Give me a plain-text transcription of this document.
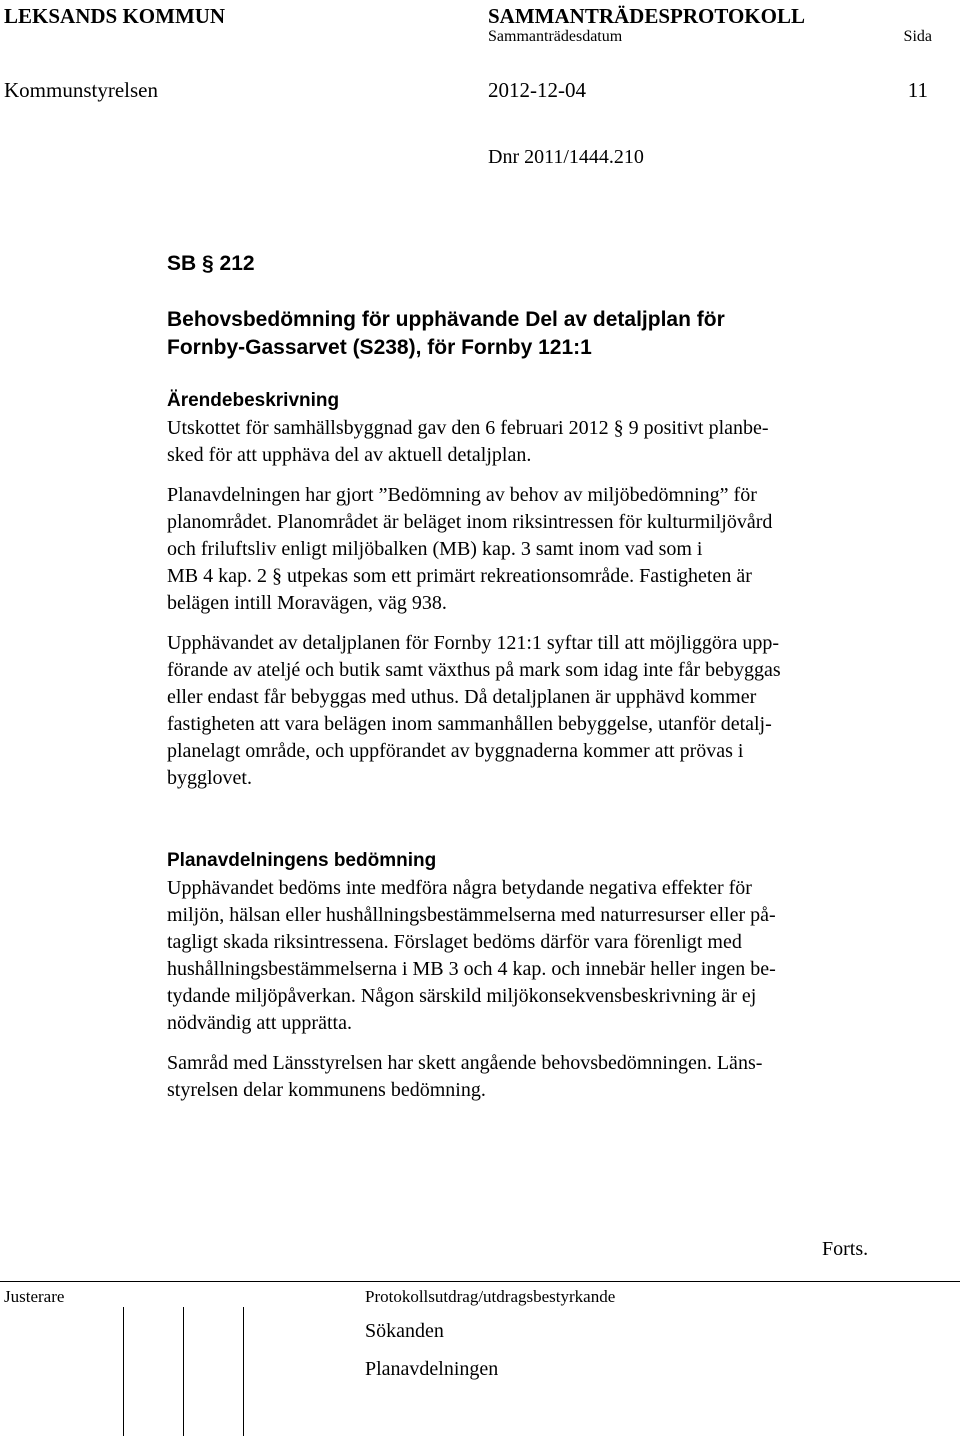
LEKSANDS KOMMUN	SAMMANTRÄDESPROTOKOLL
Sammanträdesdatum	Sida
Kommunstyrelsen	2012-12-04	11
Dnr 2011/1444.210
SB § 212
Behovsbedömning för upphävande Del av detaljplan för
Fornby-Gassarvet (S238), för Fornby 121:1
Ärendebeskrivning
Utskottet för samhällsbyggnad gav den 6 februari 2012 § 9 positivt planbe-
sked för att upphäva del av aktuell detaljplan.
Planavdelningen har gjort ”Bedömning av behov av miljöbedömning” för
planområdet. Planområdet är beläget inom riksintressen för kulturmiljövård
och friluftsliv enligt miljöbalken (MB) kap. 3 samt inom vad som i
MB 4 kap. 2 § utpekas som ett primärt rekreationsområde. Fastigheten är
belägen intill Moravägen, väg 938.
Upphävandet av detaljplanen för Fornby 121:1 syftar till att möjliggöra upp-
förande av ateljé och butik samt växthus på mark som idag inte får bebyggas
eller endast får bebyggas med uthus. Då detaljplanen är upphävd kommer
fastigheten att vara belägen inom sammanhållen bebyggelse, utanför detalj-
planelagt område, och uppförandet av byggnaderna kommer att prövas i
bygglovet.
Planavdelningens bedömning
Upphävandet bedöms inte medföra några betydande negativa effekter för
miljön, hälsan eller hushållningsbestämmelserna med naturresurser eller på-
tagligt skada riksintressena. Förslaget bedöms därför vara förenligt med
hushållningsbestämmelserna i MB 3 och 4 kap. och innebär heller ingen be-
tydande miljöpåverkan. Någon särskild miljökonsekvensbeskrivning är ej
nödvändig att upprätta.
Samråd med Länsstyrelsen har skett angående behovsbedömningen. Läns-
styrelsen delar kommunens bedömning.
Forts.
Justerare	Protokollsutdrag/utdragsbestyrkande
Sökanden
Planavdelningen
